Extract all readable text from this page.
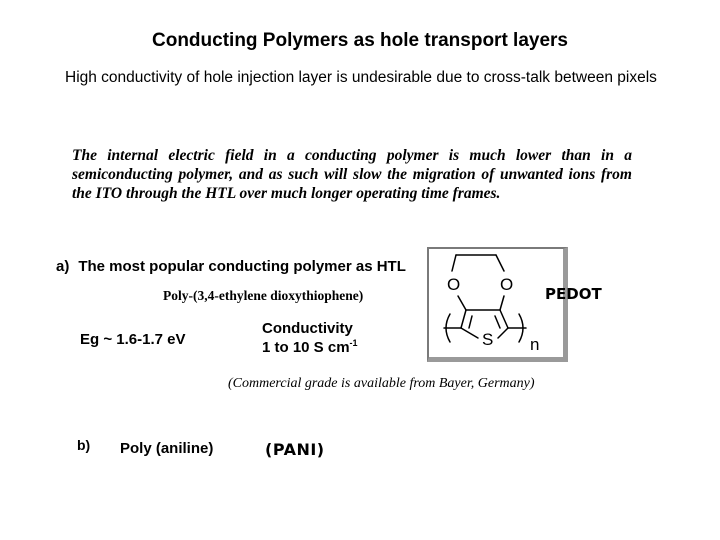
Conducting Polymers as hole transport layers
High conductivity of hole injection layer is undesirable due to cross-talk between pixels
The internal electric field in a conducting polymer is much lower than in a semiconducting polymer, and as such will slow the migration of unwanted ions from the ITO through the HTL over much longer operating time frames.
a) The most popular conducting polymer as HTL
Poly-(3,4-ethylene dioxythiophene)
Eg ~ 1.6-1.7 eV
Conductivity
1 to 10 S $cm^{-1}$
O O
S n
PEDOT
(Commercial grade is available from Bayer, Germany)
b) Poly (aniline)	(PANI)
